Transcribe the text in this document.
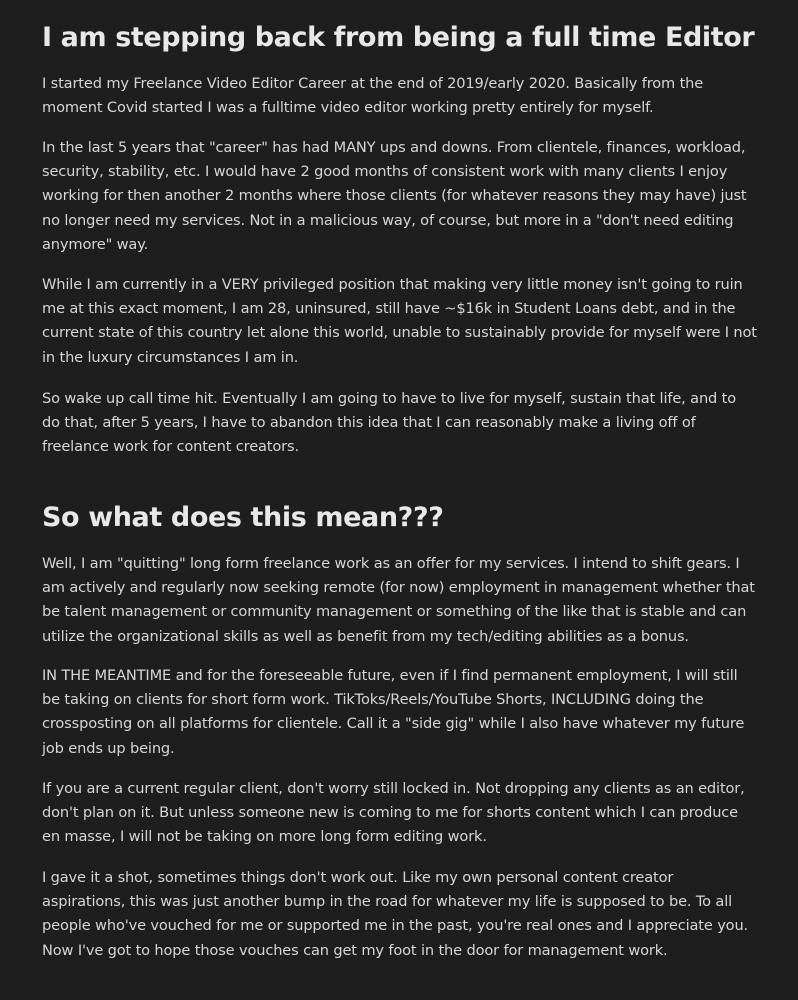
I am stepping back from being a full time Editor

I started my Freelance Video Editor Career at the end of 2019/early 2020. Basically from the moment Covid started I was a fulltime video editor working pretty entirely for myself.

In the last 5 years that "career" has had MANY ups and downs. From clientele, finances, workload, security, stability, etc. I would have 2 good months of consistent work with many clients I enjoy working for then another 2 months where those clients (for whatever reasons they may have) just no longer need my services. Not in a malicious way, of course, but more in a "don't need editing anymore" way.

While I am currently in a VERY privileged position that making very little money isn't going to ruin me at this exact moment, I am 28, uninsured, still have ~$16k in Student Loans debt, and in the current state of this country let alone this world, unable to sustainably provide for myself were I not in the luxury circumstances I am in.

So wake up call time hit. Eventually I am going to have to live for myself, sustain that life, and to do that, after 5 years, I have to abandon this idea that I can reasonably make a living off of freelance work for content creators.

So what does this mean???

Well, I am "quitting" long form freelance work as an offer for my services. I intend to shift gears. I am actively and regularly now seeking remote (for now) employment in management whether that be talent management or community management or something of the like that is stable and can utilize the organizational skills as well as benefit from my tech/editing abilities as a bonus.

IN THE MEANTIME and for the foreseeable future, even if I find permanent employment, I will still be taking on clients for short form work. TikToks/Reels/YouTube Shorts, INCLUDING doing the crossposting on all platforms for clientele. Call it a "side gig" while I also have whatever my future job ends up being.

If you are a current regular client, don't worry still locked in. Not dropping any clients as an editor, don't plan on it. But unless someone new is coming to me for shorts content which I can produce en masse, I will not be taking on more long form editing work.

I gave it a shot, sometimes things don't work out. Like my own personal content creator aspirations, this was just another bump in the road for whatever my life is supposed to be. To all people who've vouched for me or supported me in the past, you're real ones and I appreciate you. Now I've got to hope those vouches can get my foot in the door for management work.
